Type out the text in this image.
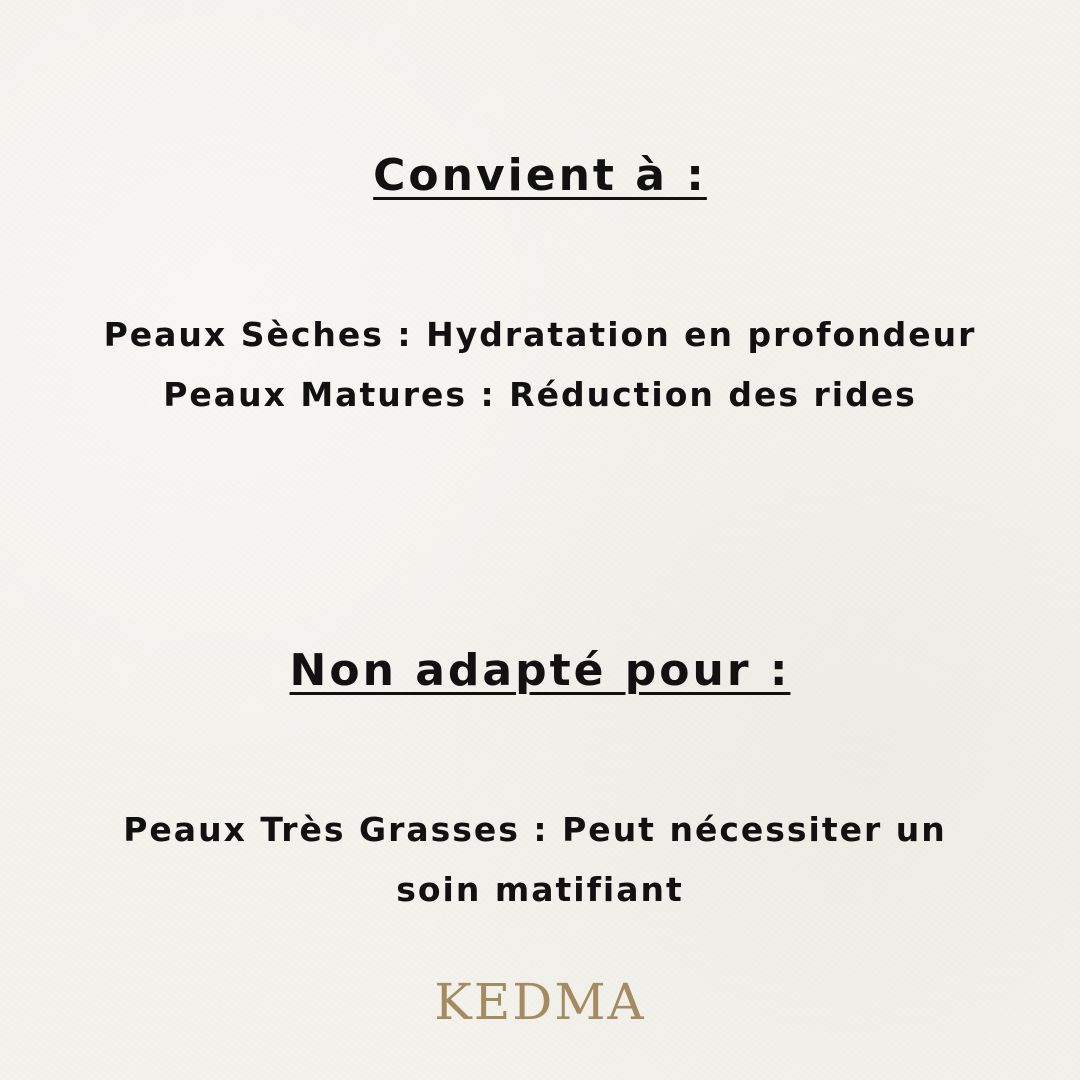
Convient à :

Peaux Sèches : Hydratation en profondeur

Peaux Matures : Réduction des rides

Non adapté pour :

Peaux Très Grasses : Peut nécessiter un

soin matifiant

KEDMA
